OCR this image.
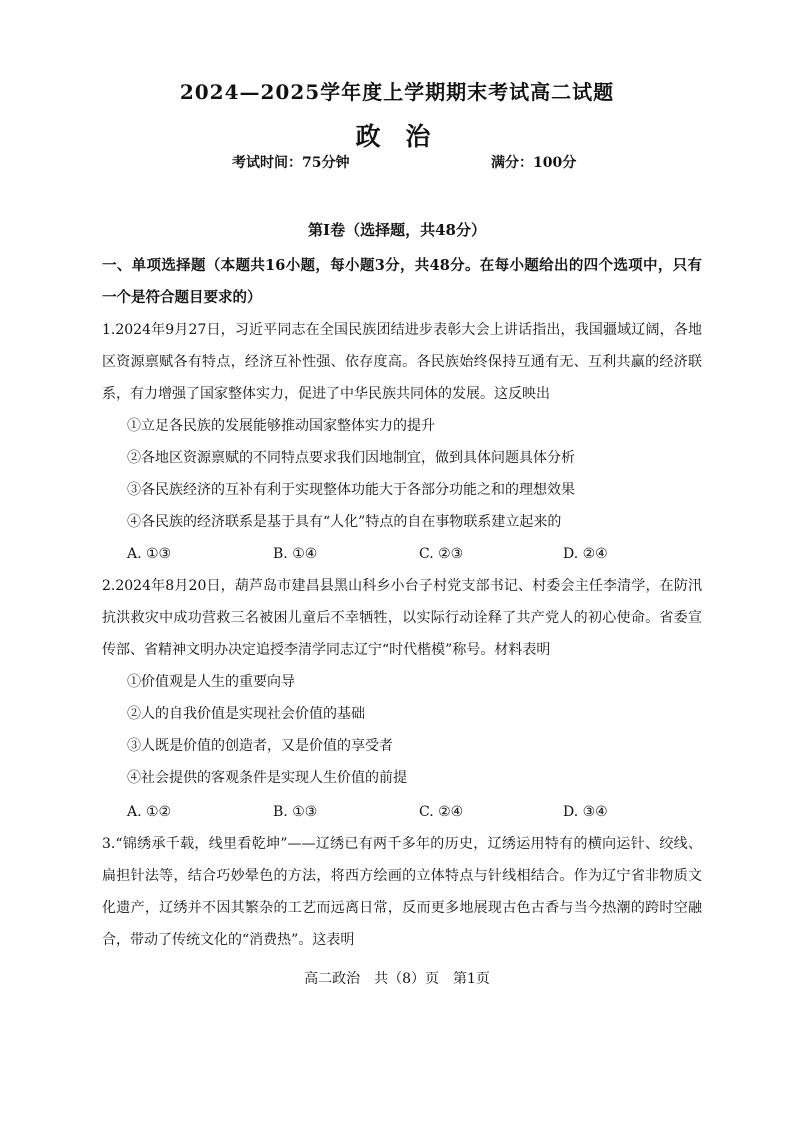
2024—2025学年度上学期期末考试高二试题
政 治
考试时间：75分钟	满分：100分
第Ⅰ卷（选择题，共48分）
一、单项选择题（本题共16小题，每小题3分，共48分。在每小题给出的四个选项中，只有一个是符合题目要求的）
1.2024年9月27日，习近平同志在全国民族团结进步表彰大会上讲话指出，我国疆域辽阔，各地区资源禀赋各有特点，经济互补性强、依存度高。各民族始终保持互通有无、互利共赢的经济联系，有力增强了国家整体实力，促进了中华民族共同体的发展。这反映出
①立足各民族的发展能够推动国家整体实力的提升
②各地区资源禀赋的不同特点要求我们因地制宜，做到具体问题具体分析
③各民族经济的互补有利于实现整体功能大于各部分功能之和的理想效果
④各民族的经济联系是基于具有“人化”特点的自在事物联系建立起来的
A. ①③	B. ①④	C. ②③	D. ②④
2.2024年8月20日，葫芦岛市建昌县黑山科乡小台子村党支部书记、村委会主任李清学，在防汛抗洪救灾中成功营救三名被困儿童后不幸牺牲，以实际行动诠释了共产党人的初心使命。省委宣传部、省精神文明办决定追授李清学同志辽宁“时代楷模”称号。材料表明
①价值观是人生的重要向导
②人的自我价值是实现社会价值的基础
③人既是价值的创造者，又是价值的享受者
④社会提供的客观条件是实现人生价值的前提
A. ①②	B. ①③	C. ②④	D. ③④
3.“锦绣承千载，线里看乾坤”——辽绣已有两千多年的历史，辽绣运用特有的横向运针、绞线、扁担针法等，结合巧妙晕色的方法，将西方绘画的立体特点与针线相结合。作为辽宁省非物质文化遗产，辽绣并不因其繁杂的工艺而远离日常，反而更多地展现古色古香与当今热潮的跨时空融合，带动了传统文化的“消费热”。这表明
高二政治　共（8）页　第1页
